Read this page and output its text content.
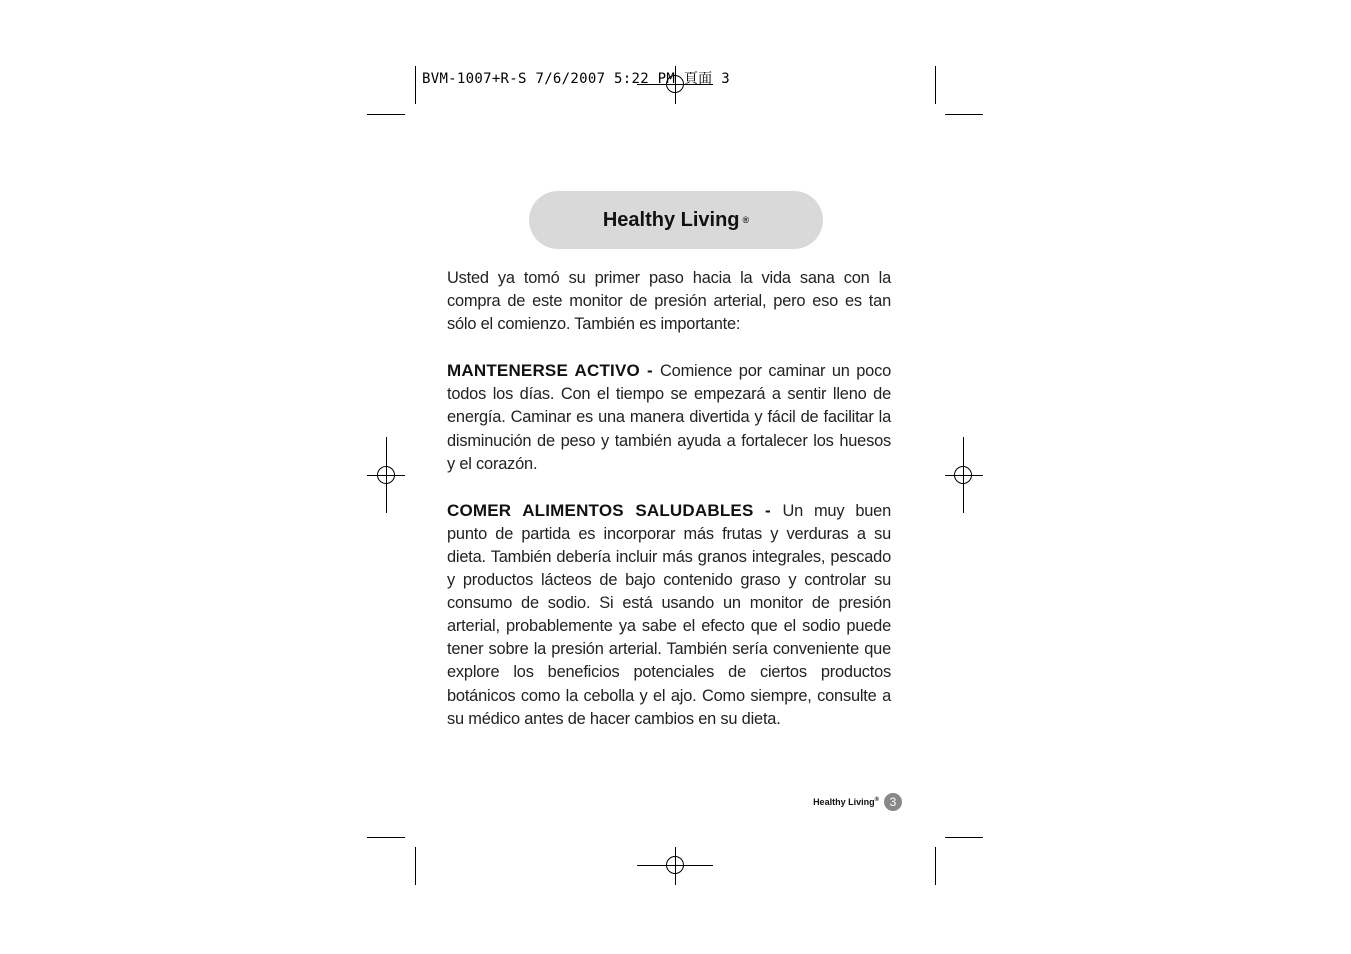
BVM-1007+R-S 7/6/2007 5:22 PM 頁面 3
Healthy Living ®

Usted ya tomó su primer paso hacia la vida sana con la compra de este monitor de presión arterial, pero eso es tan sólo el comienzo. También es importante:

MANTENERSE ACTIVO - Comience por caminar un poco todos los días. Con el tiempo se empezará a sentir lleno de energía. Caminar es una manera divertida y fácil de facilitar la disminución de peso y también ayuda a fortalecer los huesos y el corazón.

COMER ALIMENTOS SALUDABLES - Un muy buen punto de partida es incorporar más frutas y verduras a su dieta. También debería incluir más granos integrales, pescado y productos lácteos de bajo contenido graso y controlar su consumo de sodio. Si está usando un monitor de presión arterial, probablemente ya sabe el efecto que el sodio puede tener sobre la presión arterial. También sería conveniente que explore los beneficios potenciales de ciertos productos botánicos como la cebolla y el ajo. Como siempre, consulte a su médico antes de hacer cambios en su dieta.

Healthy Living® 3
